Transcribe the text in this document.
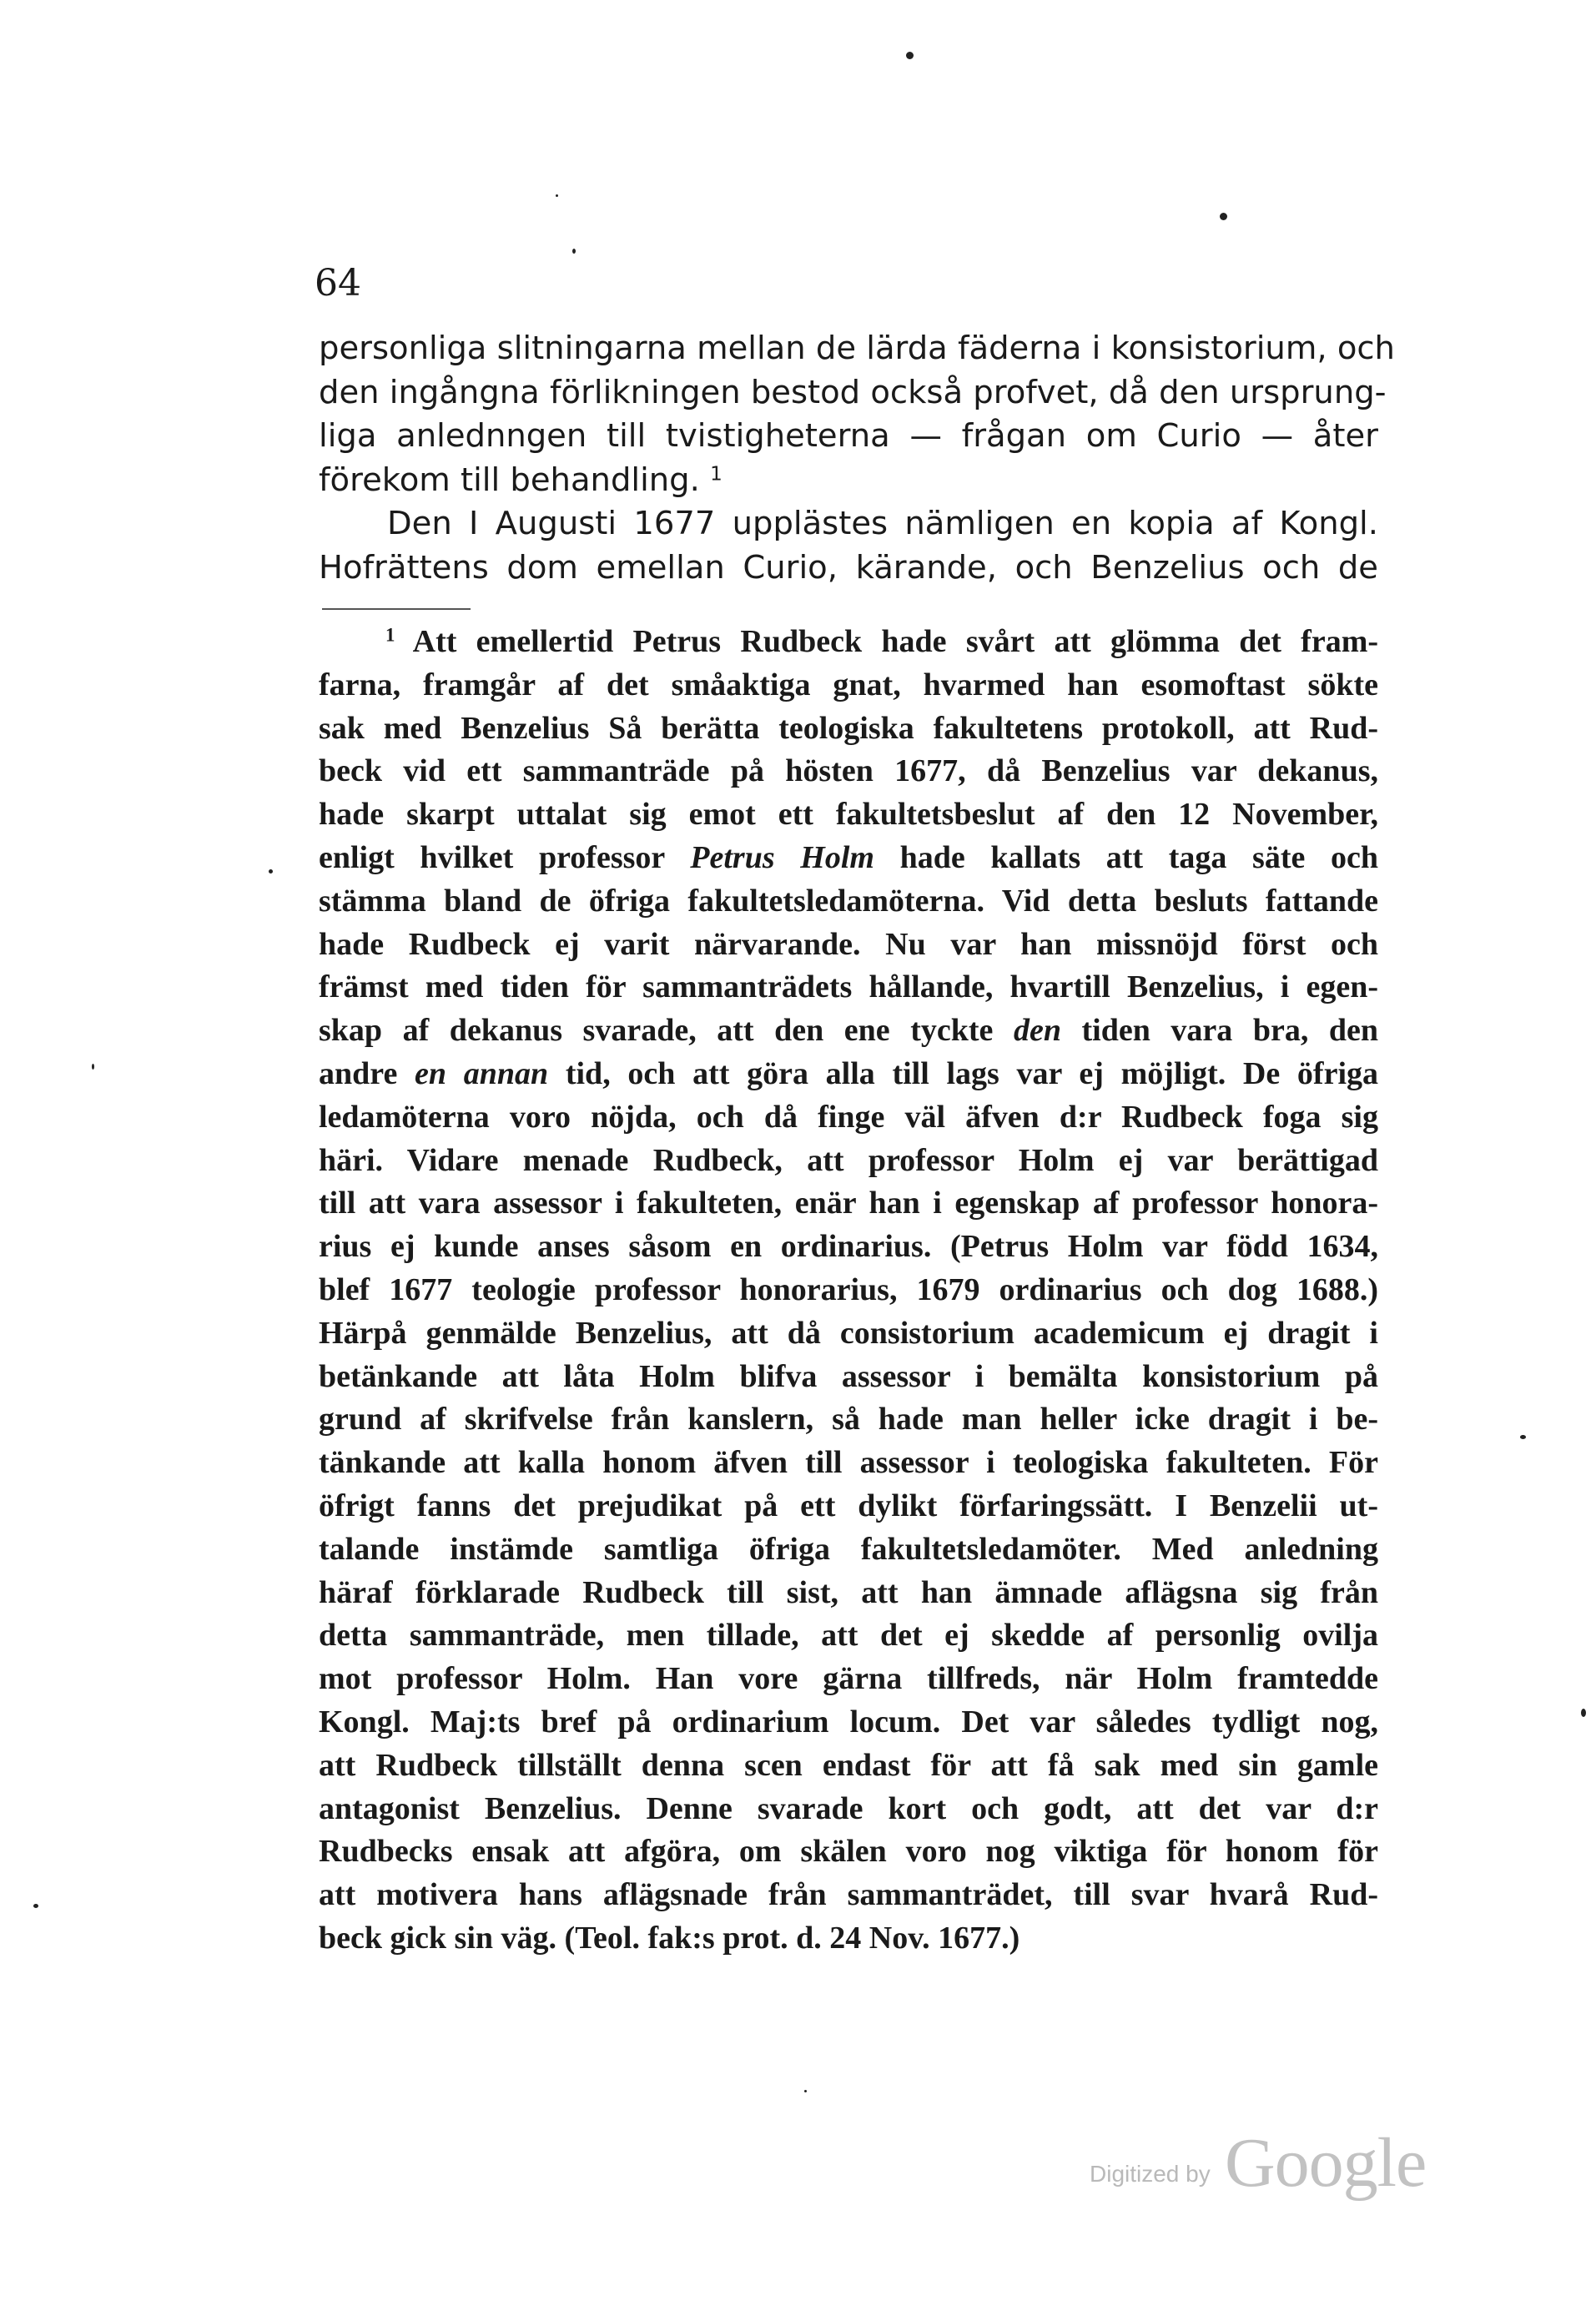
64
personliga slitningarna mellan de lärda fäderna i konsistorium, och
den ingångna förlikningen bestod också profvet, då den ursprung-
liga anlednngen till tvistigheterna — frågan om Curio — åter
förekom till behandling. $^1$
Den I Augusti 1677 upplästes nämligen en kopia af Kongl.
Hofrättens dom emellan Curio, kärande, och Benzelius och de
$^1$ Att emellertid Petrus Rudbeck hade svårt att glömma det fram-
farna, framgår af det småaktiga gnat, hvarmed han esomoftast sökte
sak med Benzelius Så berätta teologiska fakultetens protokoll, att Rud-
beck vid ett sammanträde på hösten 1677, då Benzelius var dekanus,
hade skarpt uttalat sig emot ett fakultetsbeslut af den 12 November,
enligt hvilket professor Petrus Holm hade kallats att taga säte och
stämma bland de öfriga fakultetsledamöterna. Vid detta besluts fattande
hade Rudbeck ej varit närvarande. Nu var han missnöjd först och
främst med tiden för sammanträdets hållande, hvartill Benzelius, i egen-
skap af dekanus svarade, att den ene tyckte den tiden vara bra, den
andre en annan tid, och att göra alla till lags var ej möjligt. De öfriga
ledamöterna voro nöjda, och då finge väl äfven d:r Rudbeck foga sig
häri. Vidare menade Rudbeck, att professor Holm ej var berättigad
till att vara assessor i fakulteten, enär han i egenskap af professor honora-
rius ej kunde anses såsom en ordinarius. (Petrus Holm var född 1634,
blef 1677 teologie professor honorarius, 1679 ordinarius och dog 1688.)
Härpå genmälde Benzelius, att då consistorium academicum ej dragit i
betänkande att låta Holm blifva assessor i bemälta konsistorium på
grund af skrifvelse från kanslern, så hade man heller icke dragit i be-
tänkande att kalla honom äfven till assessor i teologiska fakulteten. För
öfrigt fanns det prejudikat på ett dylikt förfaringssätt. I Benzelii ut-
talande instämde samtliga öfriga fakultetsledamöter. Med anledning
häraf förklarade Rudbeck till sist, att han ämnade aflägsna sig från
detta sammanträde, men tillade, att det ej skedde af personlig ovilja
mot professor Holm. Han vore gärna tillfreds, när Holm framtedde
Kongl. Maj:ts bref på ordinarium locum. Det var således tydligt nog,
att Rudbeck tillställt denna scen endast för att få sak med sin gamle
antagonist Benzelius. Denne svarade kort och godt, att det var d:r
Rudbecks ensak att afgöra, om skälen voro nog viktiga för honom för
att motivera hans aflägsnade från sammanträdet, till svar hvarå Rud-
beck gick sin väg. (Teol. fak:s prot. d. 24 Nov. 1677.)
Digitized by Google
